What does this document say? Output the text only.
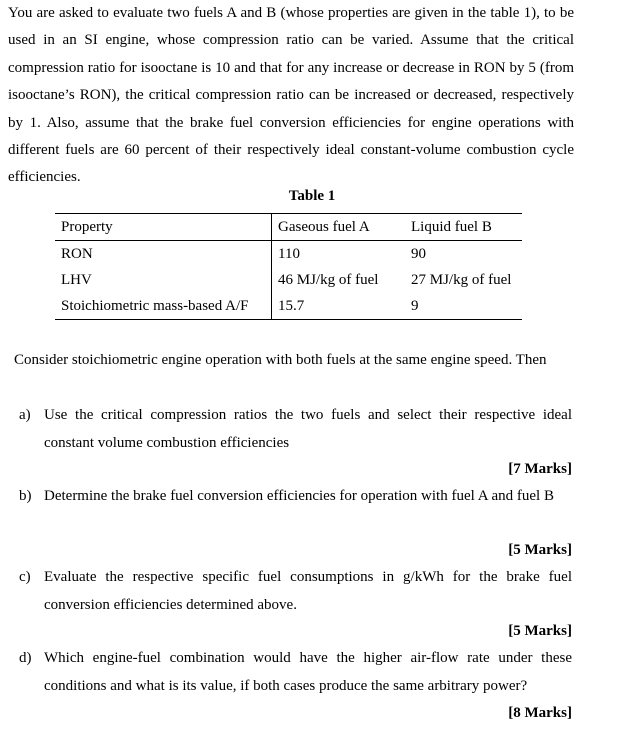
You are asked to evaluate two fuels A and B (whose properties are given in the table 1), to be used in an SI engine, whose compression ratio can be varied. Assume that the critical compression ratio for isooctane is 10 and that for any increase or decrease in RON by 5 (from isooctane’s RON), the critical compression ratio can be increased or decreased, respectively by 1. Also, assume that the brake fuel conversion efficiencies for engine operations with different fuels are 60 percent of their respectively ideal constant-volume combustion cycle efficiencies.
Table 1
Property	Gaseous fuel A	Liquid fuel B
RON	110	90
LHV	46 MJ/kg of fuel	27 MJ/kg of fuel
Stoichiometric mass-based A/F	15.7	9
Consider stoichiometric engine operation with both fuels at the same engine speed. Then
a) Use the critical compression ratios the two fuels and select their respective ideal constant volume combustion efficiencies
[7 Marks]
b) Determine the brake fuel conversion efficiencies for operation with fuel A and fuel B
[5 Marks]
c) Evaluate the respective specific fuel consumptions in g/kWh for the brake fuel conversion efficiencies determined above.
[5 Marks]
d) Which engine-fuel combination would have the higher air-flow rate under these conditions and what is its value, if both cases produce the same arbitrary power?
[8 Marks]
